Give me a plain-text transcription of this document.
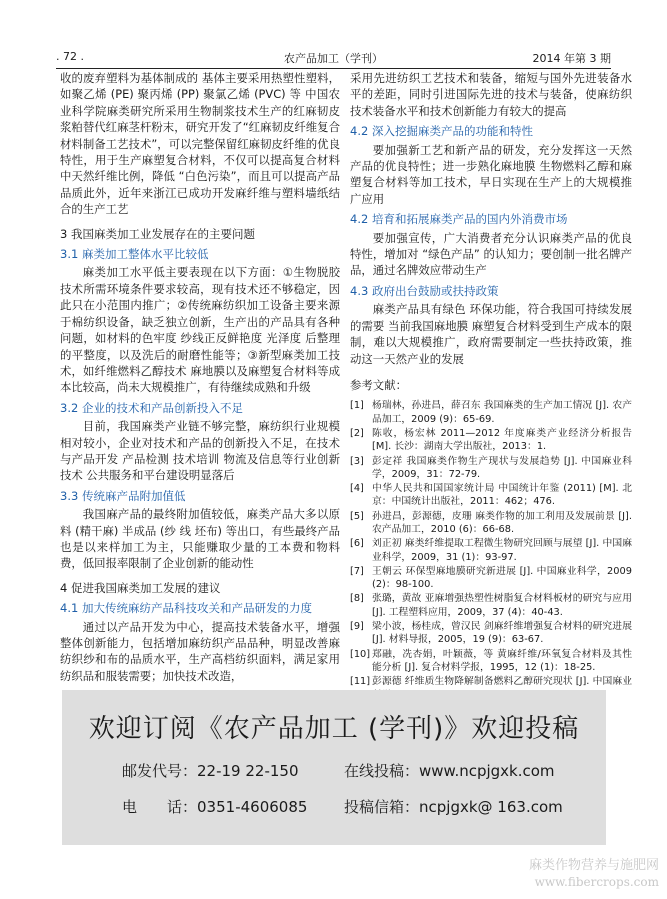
. 72 .	农产品加工（学刊）	2014 年第 3 期

收的废弃塑料为基体制成的 基体主要采用热塑性塑料，如聚乙烯 (PE) 聚丙烯 (PP) 聚氯乙烯 (PVC) 等 中国农业科学院麻类研究所采用生物制浆技术生产的红麻韧皮浆粕替代红麻茎杆粉末，研究开发了“红麻韧皮纤维复合材料制备工艺技术”，可以完整保留红麻韧皮纤维的优良特性，用于生产麻塑复合材料，不仅可以提高复合材料中天然纤维比例，降低 “白色污染”，而且可以提高产品品质此外，近年来浙江已成功开发麻纤维与塑料墙纸结合的生产工艺

3 我国麻类加工业发展存在的主要问题
3.1 麻类加工整体水平比较低

麻类加工水平低主要表现在以下方面：①生物脱胶技术所需环境条件要求较高，现有技术还不够稳定，因此只在小范围内推广；②传统麻纺织加工设备主要来源于棉纺织设备，缺乏独立创新，生产出的产品具有各种问题，如材料的色牢度 纱线正反鲜艳度 光泽度 后整理的平整度，以及洗后的耐磨性能等；③新型麻类加工技术，如纤维燃料乙醇技术 麻地膜以及麻塑复合材料等成本比较高，尚未大规模推广，有待继续成熟和升级

3.2 企业的技术和产品创新投入不足

目前，我国麻类产业链不够完整，麻纺织行业规模相对较小，企业对技术和产品的创新投入不足，在技术与产品开发 产品检测 技术培训 物流及信息等行业创新技术 公共服务和平台建设明显落后

3.3 传统麻产品附加值低

我国麻产品的最终附加值较低，麻类产品大多以原料 (精干麻) 半成品 (纱 线 坯布) 等出口，有些最终产品也是以来样加工为主，只能赚取少量的工本费和物料费，低回报率限制了企业创新的能动性

4 促进我国麻类加工发展的建议
4.1 加大传统麻纺产品科技攻关和产品研发的力度

通过以产品开发为中心，提高技术装备水平，增强整体创新能力，包括增加麻纺织产品品种，明显改善麻纺织纱和布的品质水平，生产高档纺织面料，满足家用纺织品和服装需要；加快技术改造，

采用先进纺织工艺技术和装备，缩短与国外先进装备水平的差距，同时引进国际先进的技术与装备，使麻纺织技术装备水平和技术创新能力有较大的提高

4.2 深入挖掘麻类产品的功能和特性

要加强新工艺和新产品的研发，充分发挥这一天然产品的优良特性；进一步熟化麻地膜 生物燃料乙醇和麻塑复合材料等加工技术，早日实现在生产上的大规模推广应用

4.2 培育和拓展麻类产品的国内外消费市场

要加强宣传，广大消费者充分认识麻类产品的优良特性，增加对 “绿色产品” 的认知力；要创制一批名牌产品，通过名牌效应带动生产

4.3 政府出台鼓励或扶持政策

麻类产品具有绿色 环保功能，符合我国可持续发展的需要 当前我国麻地膜 麻塑复合材料受到生产成本的限制，难以大规模推广，政府需要制定一些扶持政策，推动这一天然产业的发展

参考文献：

[1] 杨瑞林，孙进昌，薛召东 我国麻类的生产加工情况 [J]. 农产品加工，2009 (9)：65-69.
[2] 陈收，杨宏林 2011—2012 年度麻类产业经济分析报告 [M]. 长沙：湖南大学出版社，2013：1.
[3] 彭定祥 我国麻类作物生产现状与发展趋势 [J]. 中国麻业科学，2009，31：72-79.
[4] 中华人民共和国国家统计局 中国统计年鉴 (2011) [M]. 北京：中国统计出版社，2011：462；476.
[5] 孙进昌，彭源德，皮珊 麻类作物的加工利用及发展前景 [J]. 农产品加工，2010 (6)：66-68.
[6] 刘正初 麻类纤维提取工程微生物研究回顾与展望 [J]. 中国麻业科学，2009，31 (1)：93-97.
[7] 王朝云 环保型麻地膜研究新进展 [J]. 中国麻业科学，2009 (2)：98-100.
[8] 张璐，黄故 亚麻增强热塑性树脂复合材料板材的研究与应用 [J]. 工程塑料应用，2009，37 (4)：40-43.
[9] 梁小波，杨桂成，曾汉民 剑麻纤维增强复合材料的研究进展 [J]. 材料导报，2005，19 (9)：63-67.
[10] 郑融，冼杏娟，叶颖薇，等 黄麻纤维/环氧复合材料及其性能分析 [J]. 复合材料学报，1995，12 (1)：18-25.
[11] 彭源德 纤维质生物降解制备燃料乙醇研究现状 [J]. 中国麻业
欢迎订阅《农产品加工 (学刊)》欢迎投稿
邮发代号：22-19 22-150	在线投稿：www.ncpjgxk.com
电　　话：0351-4606085 投稿信箱：ncpjgxk@ 163.com
麻类作物营养与施肥网
www.fibercrops.com
